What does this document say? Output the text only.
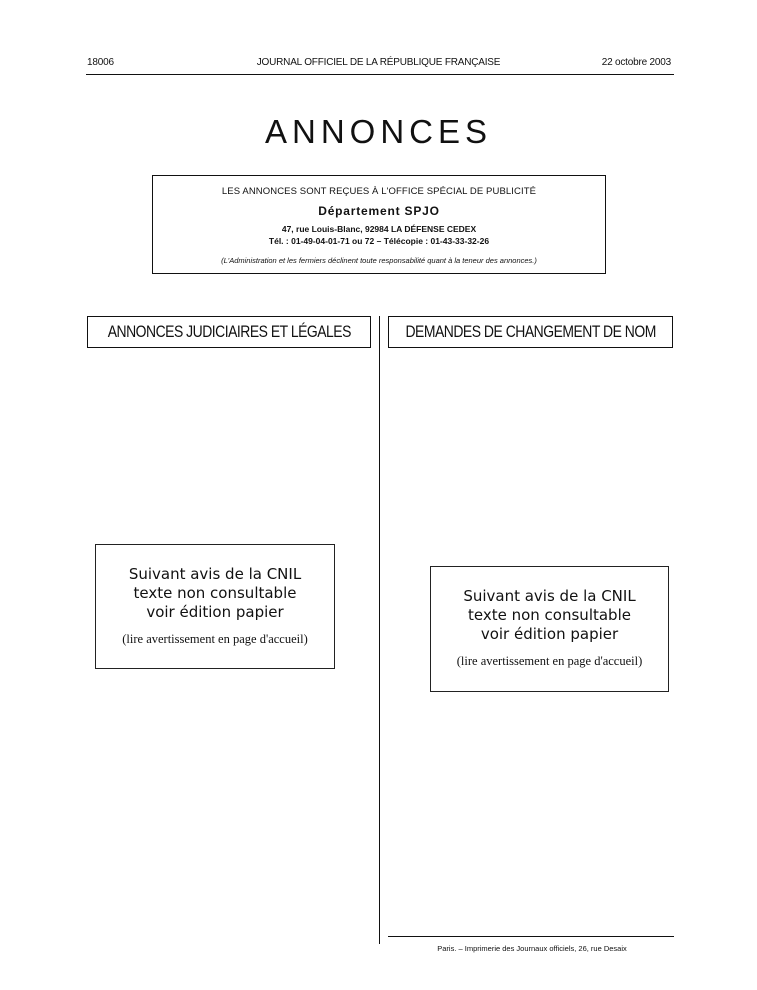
18006	JOURNAL OFFICIEL DE LA RÉPUBLIQUE FRANÇAISE	22 octobre 2003
ANNONCES
LES ANNONCES SONT REÇUES À L'OFFICE SPÉCIAL DE PUBLICITÉ
Département SPJO
47, rue Louis-Blanc, 92984 LA DÉFENSE CEDEX
Tél. : 01-49-04-01-71 ou 72 – Télécopie : 01-43-33-32-26
(L'Administration et les fermiers déclinent toute responsabilité quant à la teneur des annonces.)
ANNONCES JUDICIAIRES ET LÉGALES	DEMANDES DE CHANGEMENT DE NOM
Suivant avis de la CNIL
texte non consultable
voir édition papier
(lire avertissement en page d'accueil)
Suivant avis de la CNIL
texte non consultable
voir édition papier
(lire avertissement en page d'accueil)
Paris. – Imprimerie des Journaux officiels, 26, rue Desaix
